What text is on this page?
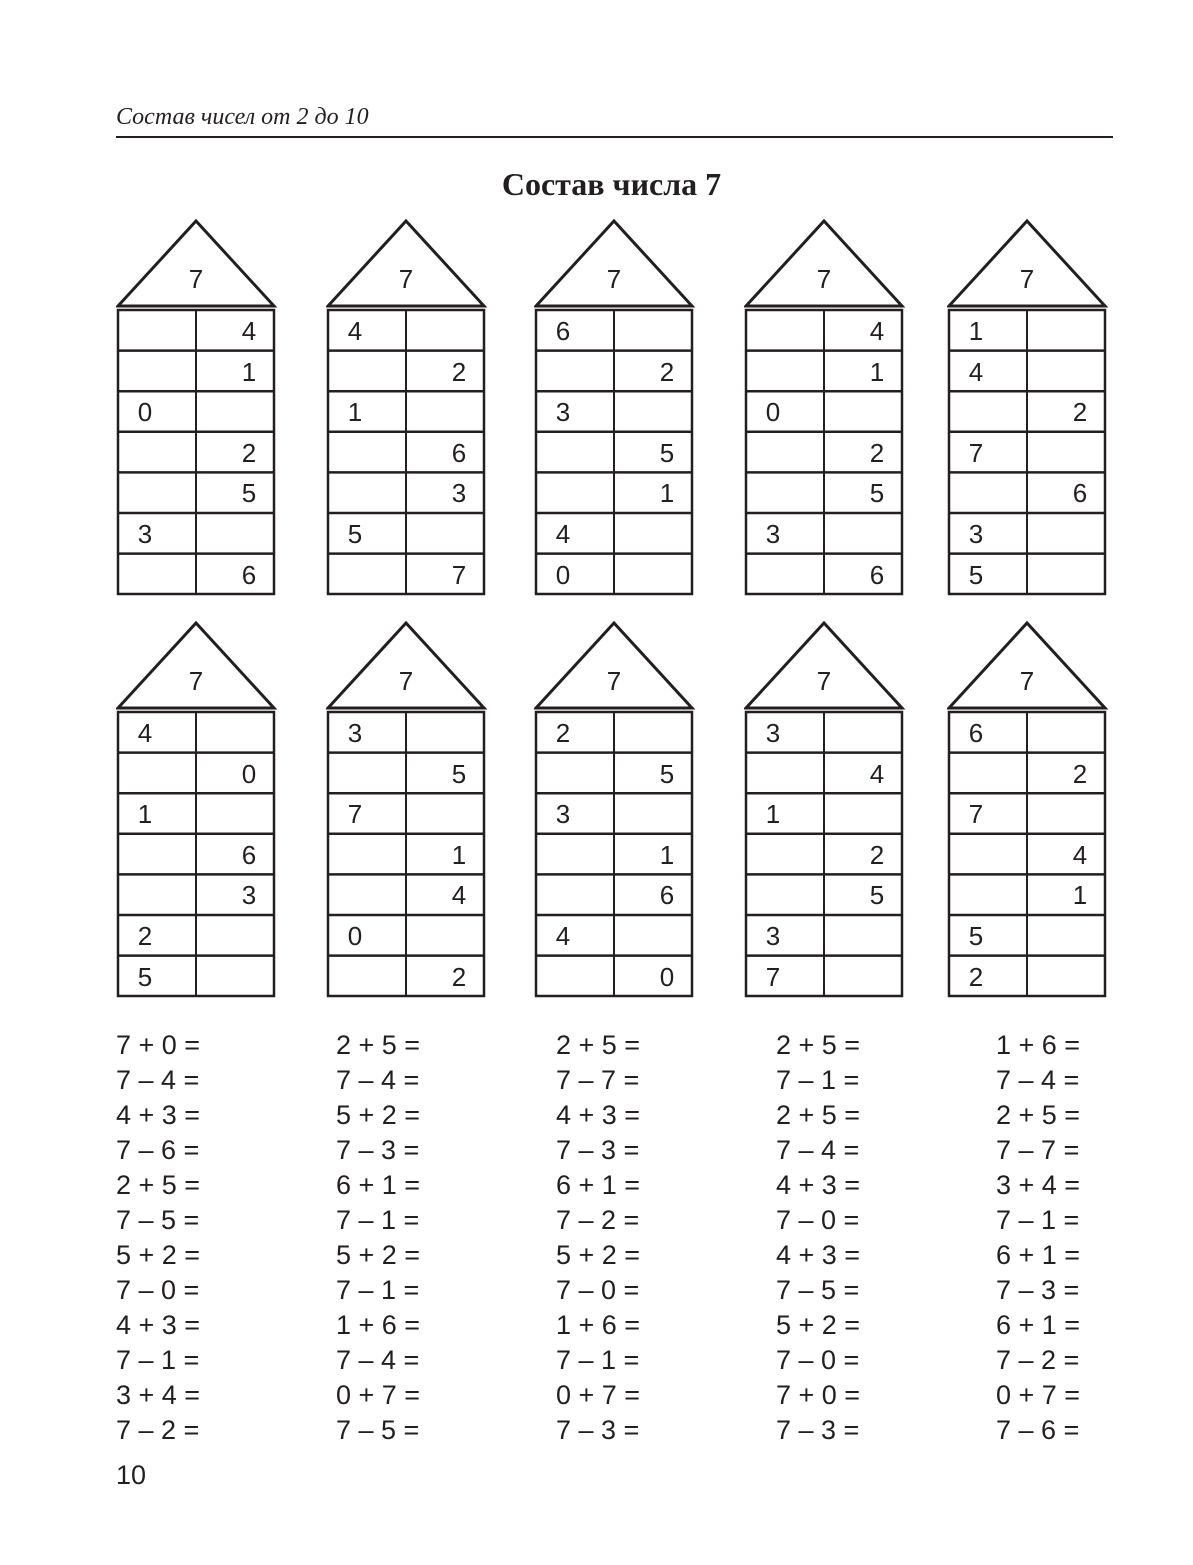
Состав чисел от 2 до 10
Состав числа 7
7
4
1
0
2
5
3
6
7
4
2
1
6
3
5
7
7
6
2
3
5
1
4
0
7
4
1
0
2
5
3
6
7
1
4
2
7
6
3
5
7
4
0
1
6
3
2
5
7
3
5
7
1
4
0
2
7
2
5
3
1
6
4
0
7
3
4
1
2
5
3
7
7
6
2
7
4
1
5
2
7 + 0 =
7 – 4 =
4 + 3 =
7 – 6 =
2 + 5 =
7 – 5 =
5 + 2 =
7 – 0 =
4 + 3 =
7 – 1 =
3 + 4 =
7 – 2 =
2 + 5 =
7 – 4 =
5 + 2 =
7 – 3 =
6 + 1 =
7 – 1 =
5 + 2 =
7 – 1 =
1 + 6 =
7 – 4 =
0 + 7 =
7 – 5 =
2 + 5 =
7 – 7 =
4 + 3 =
7 – 3 =
6 + 1 =
7 – 2 =
5 + 2 =
7 – 0 =
1 + 6 =
7 – 1 =
0 + 7 =
7 – 3 =
2 + 5 =
7 – 1 =
2 + 5 =
7 – 4 =
4 + 3 =
7 – 0 =
4 + 3 =
7 – 5 =
5 + 2 =
7 – 0 =
7 + 0 =
7 – 3 =
1 + 6 =
7 – 4 =
2 + 5 =
7 – 7 =
3 + 4 =
7 – 1 =
6 + 1 =
7 – 3 =
6 + 1 =
7 – 2 =
0 + 7 =
7 – 6 =
10
